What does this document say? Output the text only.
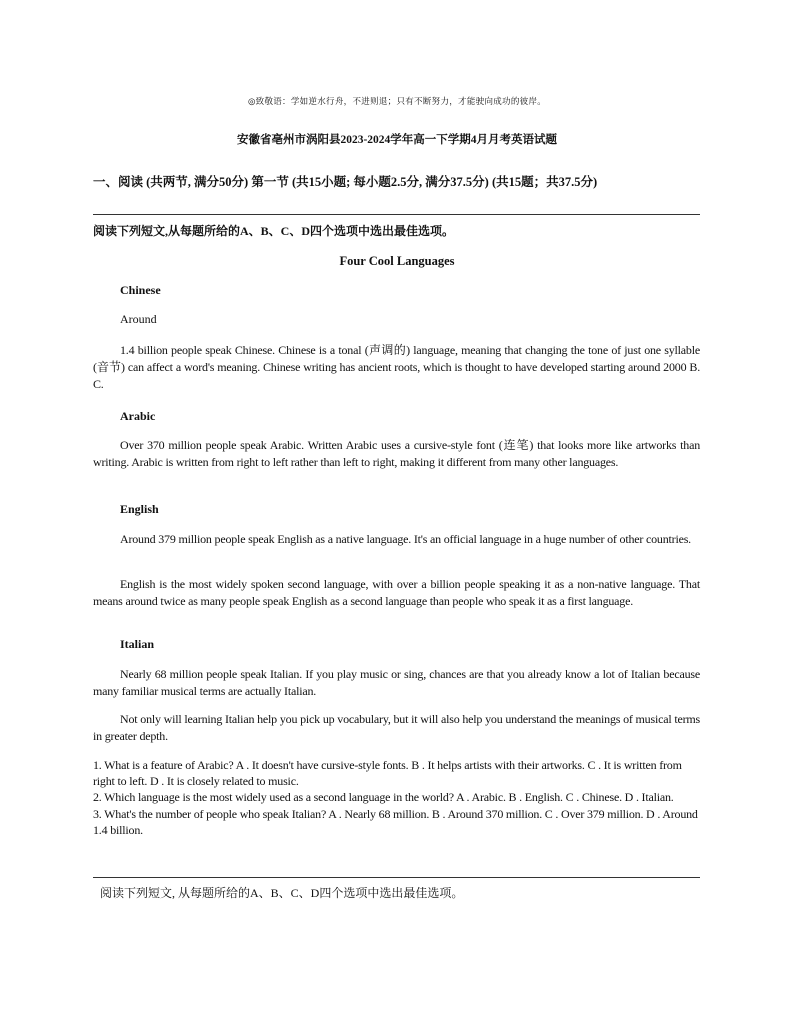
◎致敬语：学如逆水行舟，不进则退；只有不断努力，才能驶向成功的彼岸。
安徽省亳州市涡阳县2023-2024学年高一下学期4月月考英语试题
一、阅读 (共两节, 满分50分) 第一节 (共15小题; 每小题2.5分, 满分37.5分) (共15题；共37.5分)
阅读下列短文,从每题所给的A、B、C、D四个选项中选出最佳选项。
Four Cool Languages
Chinese
Around
1.4 billion people speak Chinese. Chinese is a tonal (声调的) language, meaning that changing the tone of just one syllable (音节) can affect a word's meaning. Chinese writing has ancient roots, which is thought to have developed starting around 2000 B. C.
Arabic
Over 370 million people speak Arabic. Written Arabic uses a cursive-style font (连笔) that looks more like artworks than writing. Arabic is written from right to left rather than left to right, making it different from many other languages.
English
Around 379 million people speak English as a native language. It's an official language in a huge number of other countries.
English is the most widely spoken second language, with over a billion people speaking it as a non-native language. That means around twice as many people speak English as a second language than people who speak it as a first language.
Italian
Nearly 68 million people speak Italian. If you play music or sing, chances are that you already know a lot of Italian because many familiar musical terms are actually Italian.
Not only will learning Italian help you pick up vocabulary, but it will also help you understand the meanings of musical terms in greater depth.

1. What is a feature of Arabic? A . It doesn't have cursive-style fonts. B . It helps artists with their artworks. C . It is written from right to left. D . It is closely related to music.

2. Which language is the most widely used as a second language in the world? A . Arabic. B . English. C . Chinese. D . Italian.

3. What's the number of people who speak Italian? A . Nearly 68 million. B . Around 370 million. C . Over 379 million. D . Around 1.4 billion.

阅读下列短文, 从每题所给的A、B、C、D四个选项中选出最佳选项。
